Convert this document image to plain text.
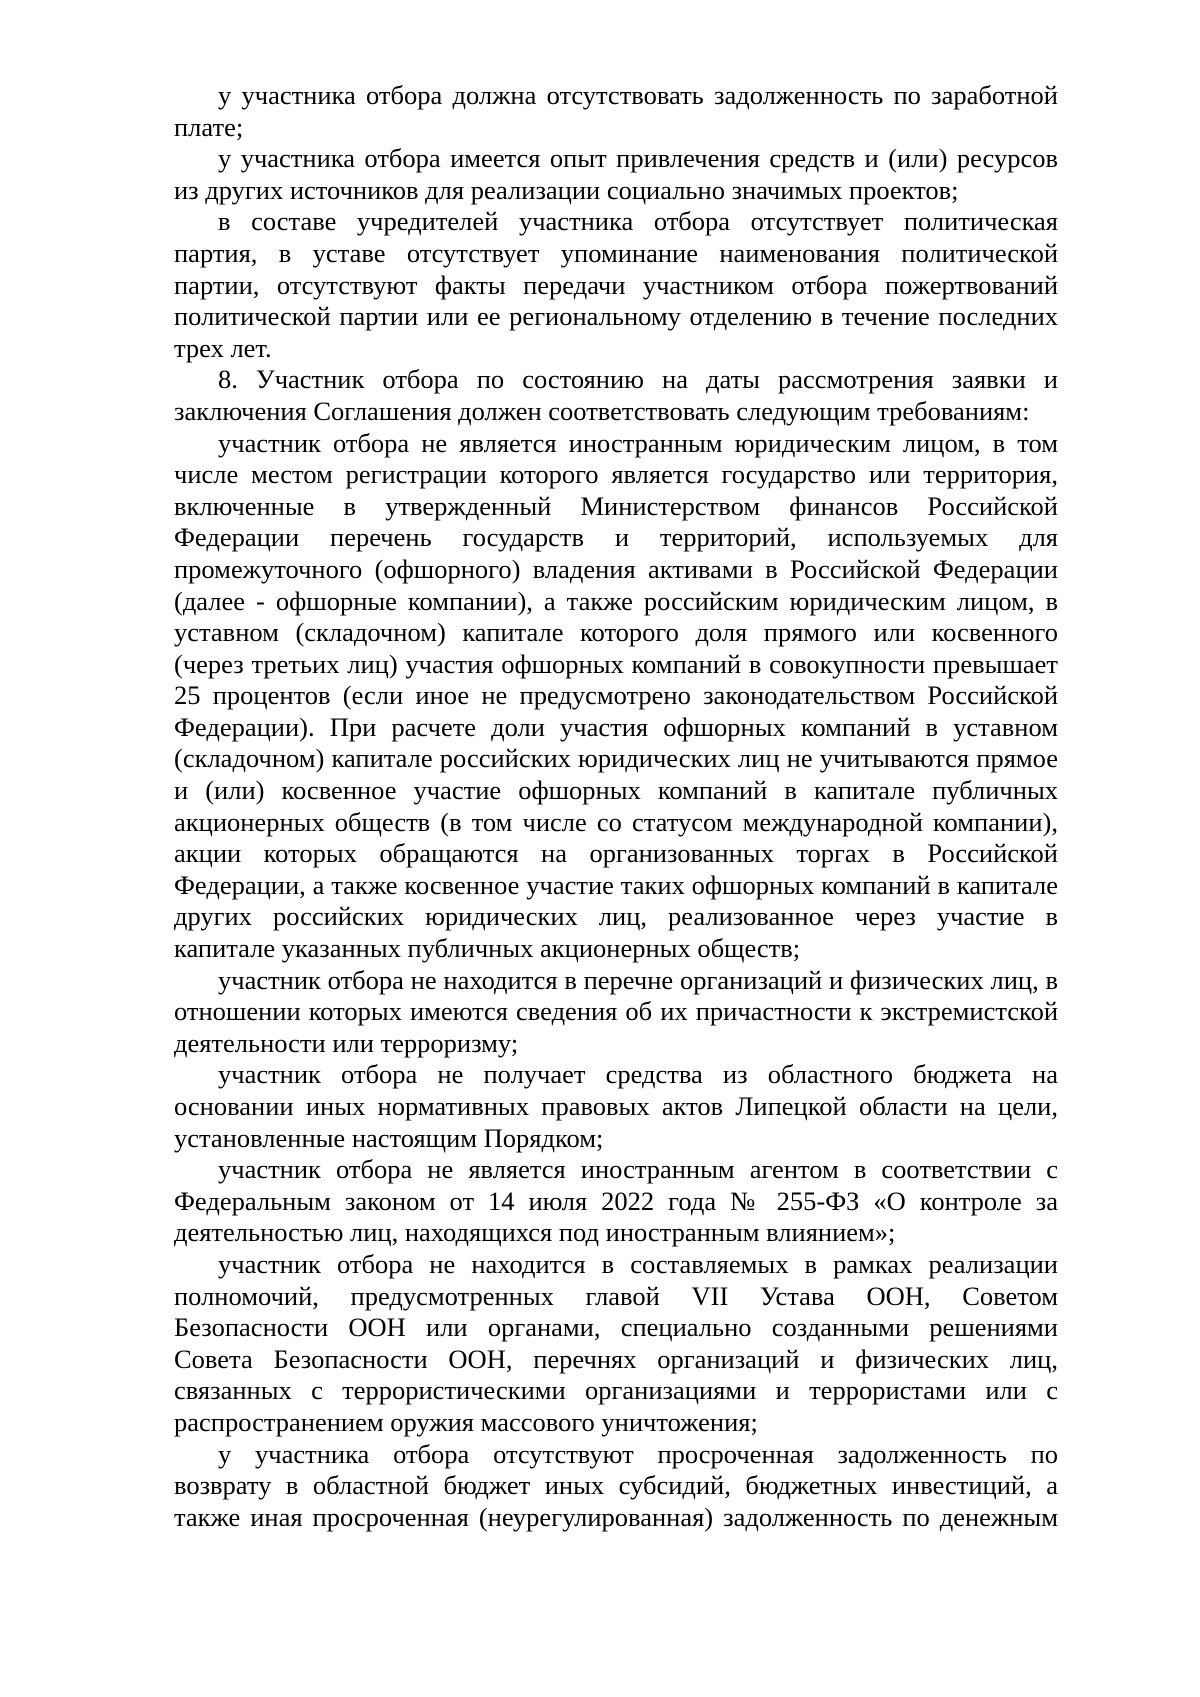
у участника отбора должна отсутствовать задолженность по заработной плате;

у участника отбора имеется опыт привлечения средств и (или) ресурсов из других источников для реализации социально значимых проектов;

в составе учредителей участника отбора отсутствует политическая партия, в уставе отсутствует упоминание наименования политической партии, отсутствуют факты передачи участником отбора пожертвований политической партии или ее региональному отделению в течение последних трех лет.

8. Участник отбора по состоянию на даты рассмотрения заявки и заключения Соглашения должен соответствовать следующим требованиям:

участник отбора не является иностранным юридическим лицом, в том числе местом регистрации которого является государство или территория, включенные в утвержденный Министерством финансов Российской Федерации перечень государств и территорий, используемых для промежуточного (офшорного) владения активами в Российской Федерации (далее - офшорные компании), а также российским юридическим лицом, в уставном (складочном) капитале которого доля прямого или косвенного (через третьих лиц) участия офшорных компаний в совокупности превышает 25 процентов (если иное не предусмотрено законодательством Российской Федерации). При расчете доли участия офшорных компаний в уставном (складочном) капитале российских юридических лиц не учитываются прямое и (или) косвенное участие офшорных компаний в капитале публичных акционерных обществ (в том числе со статусом международной компании), акции которых обращаются на организованных торгах в Российской Федерации, а также косвенное участие таких офшорных компаний в капитале других российских юридических лиц, реализованное через участие в капитале указанных публичных акционерных обществ;

участник отбора не находится в перечне организаций и физических лиц, в отношении которых имеются сведения об их причастности к экстремистской деятельности или терроризму;

участник отбора не получает средства из областного бюджета на основании иных нормативных правовых актов Липецкой области на цели, установленные настоящим Порядком;

участник отбора не является иностранным агентом в соответствии с Федеральным законом от 14 июля 2022 года № 255-ФЗ «О контроле за деятельностью лиц, находящихся под иностранным влиянием»;

участник отбора не находится в составляемых в рамках реализации полномочий, предусмотренных главой VII Устава ООН, Советом Безопасности ООН или органами, специально созданными решениями Совета Безопасности ООН, перечнях организаций и физических лиц, связанных с террористическими организациями и террористами или с распространением оружия массового уничтожения;

у участника отбора отсутствуют просроченная задолженность по возврату в областной бюджет иных субсидий, бюджетных инвестиций, а также иная просроченная (неурегулированная) задолженность по денежным
